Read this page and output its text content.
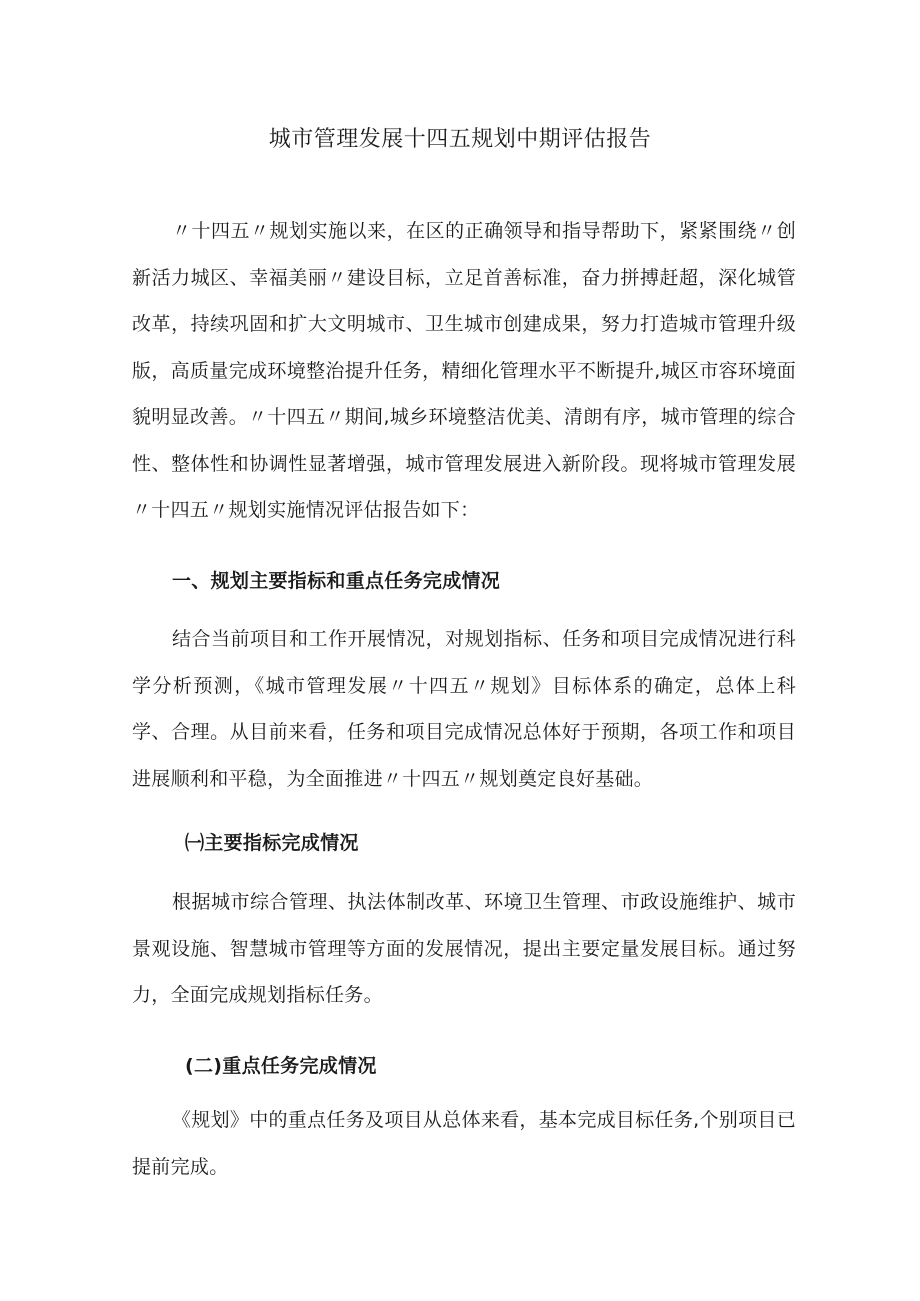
城市管理发展十四五规划中期评估报告

〃十四五〃规划实施以来，在区的正确领导和指导帮助下，紧紧围绕〃创新活力城区、幸福美丽〃建设目标，立足首善标准，奋力拼搏赶超，深化城管改革，持续巩固和扩大文明城市、卫生城市创建成果，努力打造城市管理升级版，高质量完成环境整治提升任务，精细化管理水平不断提升,城区市容环境面貌明显改善。〃十四五〃期间,城乡环境整洁优美、清朗有序，城市管理的综合性、整体性和协调性显著增强，城市管理发展进入新阶段。现将城市管理发展〃十四五〃规划实施情况评估报告如下：

一、规划主要指标和重点任务完成情况

结合当前项目和工作开展情况，对规划指标、任务和项目完成情况进行科学分析预测，《城市管理发展〃十四五〃规划》目标体系的确定，总体上科学、合理。从目前来看，任务和项目完成情况总体好于预期，各项工作和项目进展顺利和平稳，为全面推进〃十四五〃规划奠定良好基础。

㈠主要指标完成情况

根据城市综合管理、执法体制改革、环境卫生管理、市政设施维护、城市景观设施、智慧城市管理等方面的发展情况，提出主要定量发展目标。通过努力，全面完成规划指标任务。

(二)重点任务完成情况

《规划》中的重点任务及项目从总体来看，基本完成目标任务,个别项目已提前完成。
